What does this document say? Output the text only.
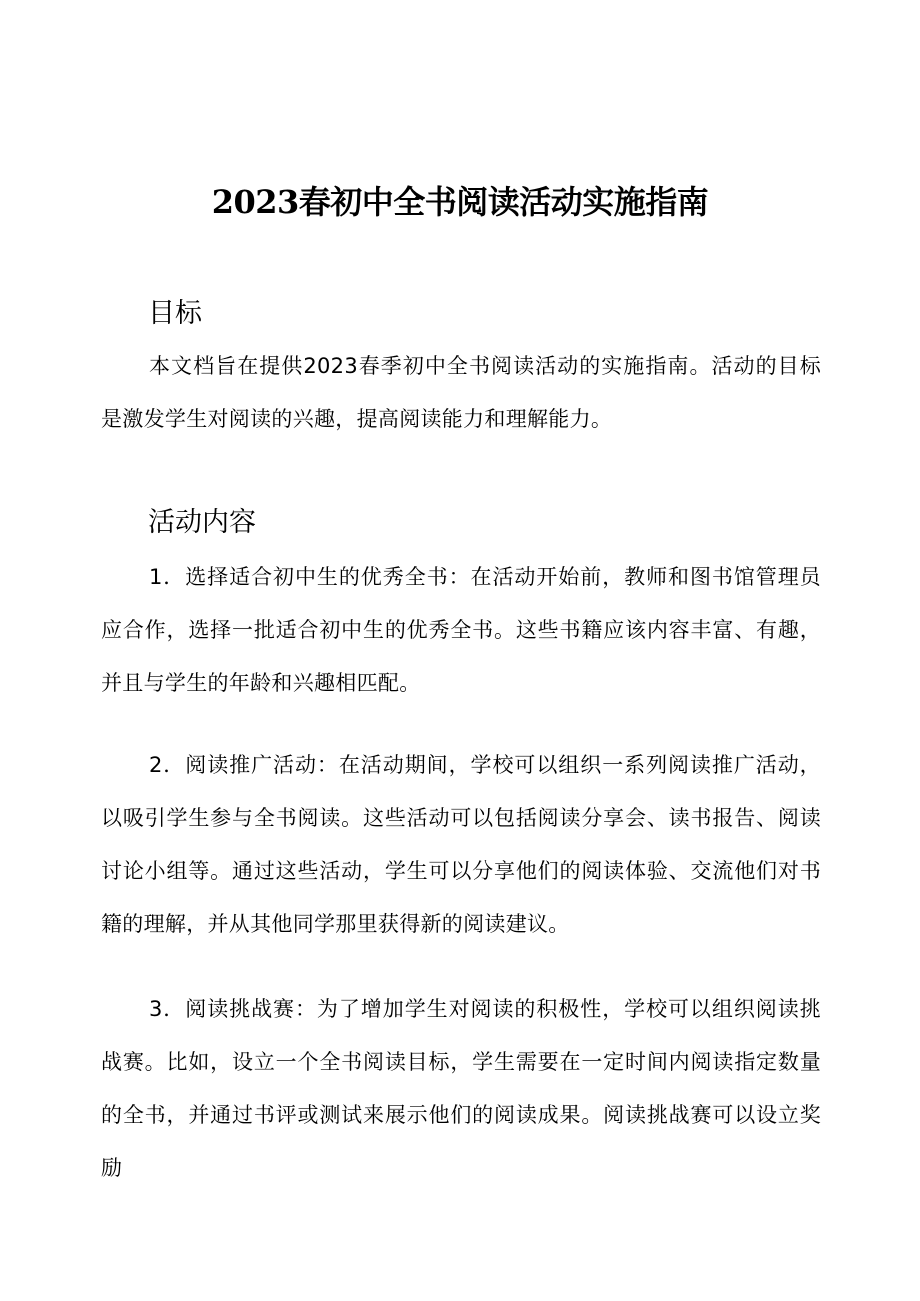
2023春初中全书阅读活动实施指南
目标

本文档旨在提供2023春季初中全书阅读活动的实施指南。活动的目标是激发学生对阅读的兴趣，提高阅读能力和理解能力。

活动内容

1．选择适合初中生的优秀全书：在活动开始前，教师和图书馆管理员应合作，选择一批适合初中生的优秀全书。这些书籍应该内容丰富、有趣，并且与学生的年龄和兴趣相匹配。

2．阅读推广活动：在活动期间，学校可以组织一系列阅读推广活动，以吸引学生参与全书阅读。这些活动可以包括阅读分享会、读书报告、阅读讨论小组等。通过这些活动，学生可以分享他们的阅读体验、交流他们对书籍的理解，并从其他同学那里获得新的阅读建议。

3．阅读挑战赛：为了增加学生对阅读的积极性，学校可以组织阅读挑战赛。比如，设立一个全书阅读目标，学生需要在一定时间内阅读指定数量的全书，并通过书评或测试来展示他们的阅读成果。阅读挑战赛可以设立奖励
